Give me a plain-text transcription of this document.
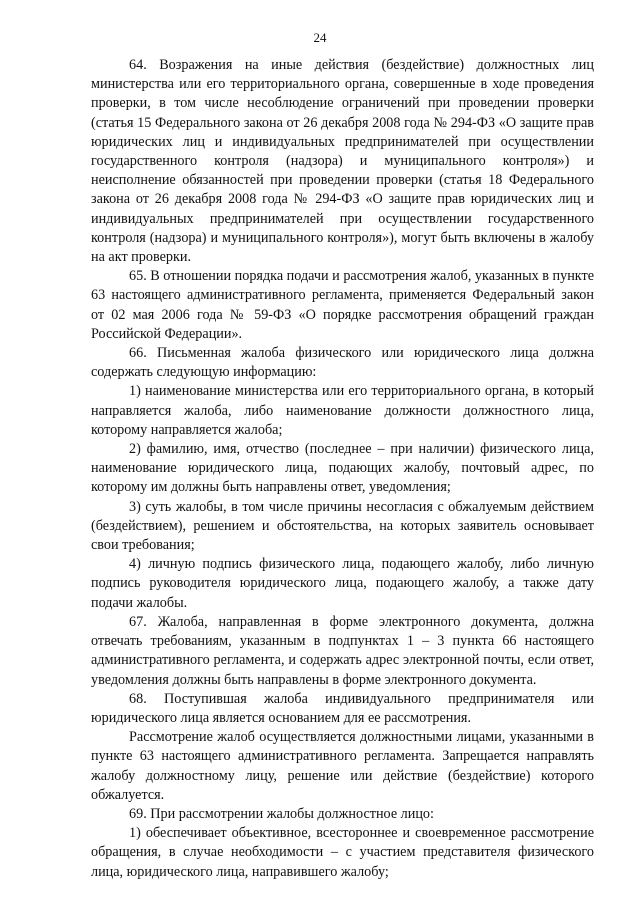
24

64. Возражения на иные действия (бездействие) должностных лиц министерства или его территориального органа, совершенные в ходе проведения проверки, в том числе несоблюдение ограничений при проведении проверки (статья 15 Федерального закона от 26 декабря 2008 года № 294-ФЗ «О защите прав юридических лиц и индивидуальных предпринимателей при осуществлении государственного контроля (надзора) и муниципального контроля») и неисполнение обязанностей при проведении проверки (статья 18 Федерального закона от 26 декабря 2008 года № 294-ФЗ «О защите прав юридических лиц и индивидуальных предпринимателей при осуществлении государственного контроля (надзора) и муниципального контроля»), могут быть включены в жалобу на акт проверки.

65. В отношении порядка подачи и рассмотрения жалоб, указанных в пункте 63 настоящего административного регламента, применяется Федеральный закон от 02 мая 2006 года № 59-ФЗ «О порядке рассмотрения обращений граждан Российской Федерации».

66. Письменная жалоба физического или юридического лица должна содержать следующую информацию:

1) наименование министерства или его территориального органа, в который направляется жалоба, либо наименование должности должностного лица, которому направляется жалоба;

2) фамилию, имя, отчество (последнее – при наличии) физического лица, наименование юридического лица, подающих жалобу, почтовый адрес, по которому им должны быть направлены ответ, уведомления;

3) суть жалобы, в том числе причины несогласия с обжалуемым действием (бездействием), решением и обстоятельства, на которых заявитель основывает свои требования;

4) личную подпись физического лица, подающего жалобу, либо личную подпись руководителя юридического лица, подающего жалобу, а также дату подачи жалобы.

67. Жалоба, направленная в форме электронного документа, должна отвечать требованиям, указанным в подпунктах 1 – 3 пункта 66 настоящего административного регламента, и содержать адрес электронной почты, если ответ, уведомления должны быть направлены в форме электронного документа.

68. Поступившая жалоба индивидуального предпринимателя или юридического лица является основанием для ее рассмотрения.

Рассмотрение жалоб осуществляется должностными лицами, указанными в пункте 63 настоящего административного регламента. Запрещается направлять жалобу должностному лицу, решение или действие (бездействие) которого обжалуется.

69. При рассмотрении жалобы должностное лицо:

1) обеспечивает объективное, всестороннее и своевременное рассмотрение обращения, в случае необходимости – с участием представителя физического лица, юридического лица, направившего жалобу;
